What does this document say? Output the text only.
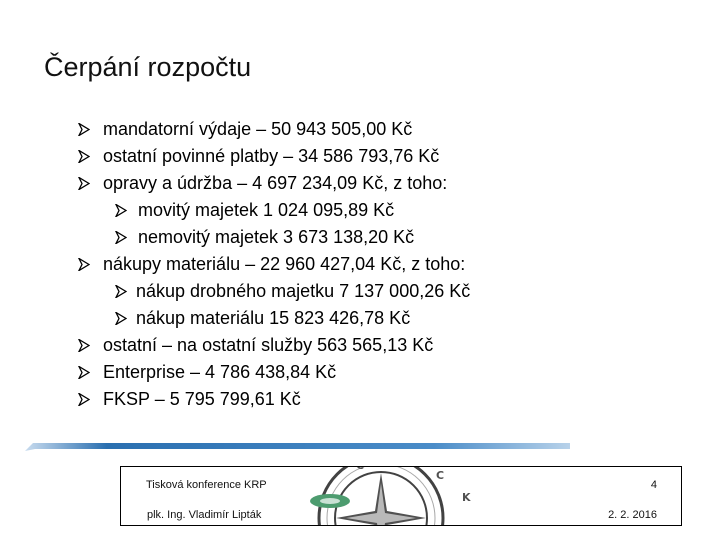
Čerpání rozpočtu
mandatorní výdaje – 50 943 505,00 Kč
ostatní povinné platby – 34 586 793,76 Kč
opravy a údržba – 4 697 234,09 Kč, z toho:
movitý majetek 1 024 095,89 Kč
nemovitý majetek 3 673 138,20 Kč
nákupy materiálu – 22 960 427,04 Kč, z toho:
nákup drobného majetku 7 137 000,26 Kč
nákup materiálu 15 823 426,78 Kč
ostatní – na ostatní služby 563 565,13 Kč
Enterprise – 4 786 438,84 Kč
FKSP – 5 795 799,61 Kč
Č
C
K
Tisková konference KRP
plk. Ing. Vladimír Lipták
4
2. 2. 2016
